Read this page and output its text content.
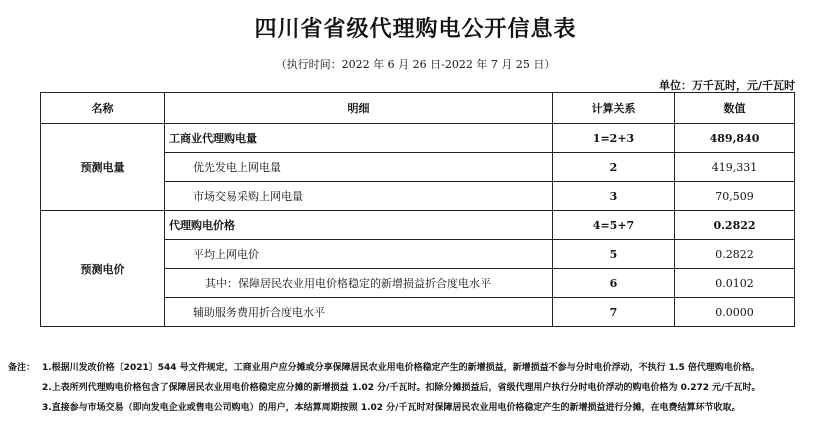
四川省省级代理购电公开信息表
（执行时间：2022 年 6 月 26 日-2022 年 7 月 25 日）
单位：万千瓦时，元/千瓦时
名称	明细	计算关系	数值
预测电量	工商业代理购电量	1=2+3	489,840
	优先发电上网电量	2	419,331
	市场交易采购上网电量	3	70,509
预测电价	代理购电价格	4=5+7	0.2822
	平均上网电价	5	0.2822
	其中：保障居民农业用电价格稳定的新增损益折合度电水平	6	0.0102
	辅助服务费用折合度电水平	7	0.0000
备注： 1.根据川发改价格〔2021〕544 号文件规定，工商业用户应分摊或分享保障居民农业用电价格稳定产生的新增损益，新增损益不参与分时电价浮动，不执行 1.5 倍代理购电价格。
2.上表所列代理购电价格包含了保障居民农业用电价格稳定应分摊的新增损益 1.02 分/千瓦时。扣除分摊损益后，省级代理用户执行分时电价浮动的购电价格为 0.272 元/千瓦时。
3.直接参与市场交易（即向发电企业或售电公司购电）的用户，本结算周期按照 1.02 分/千瓦时对保障居民农业用电价格稳定产生的新增损益进行分摊，在电费结算环节收取。
